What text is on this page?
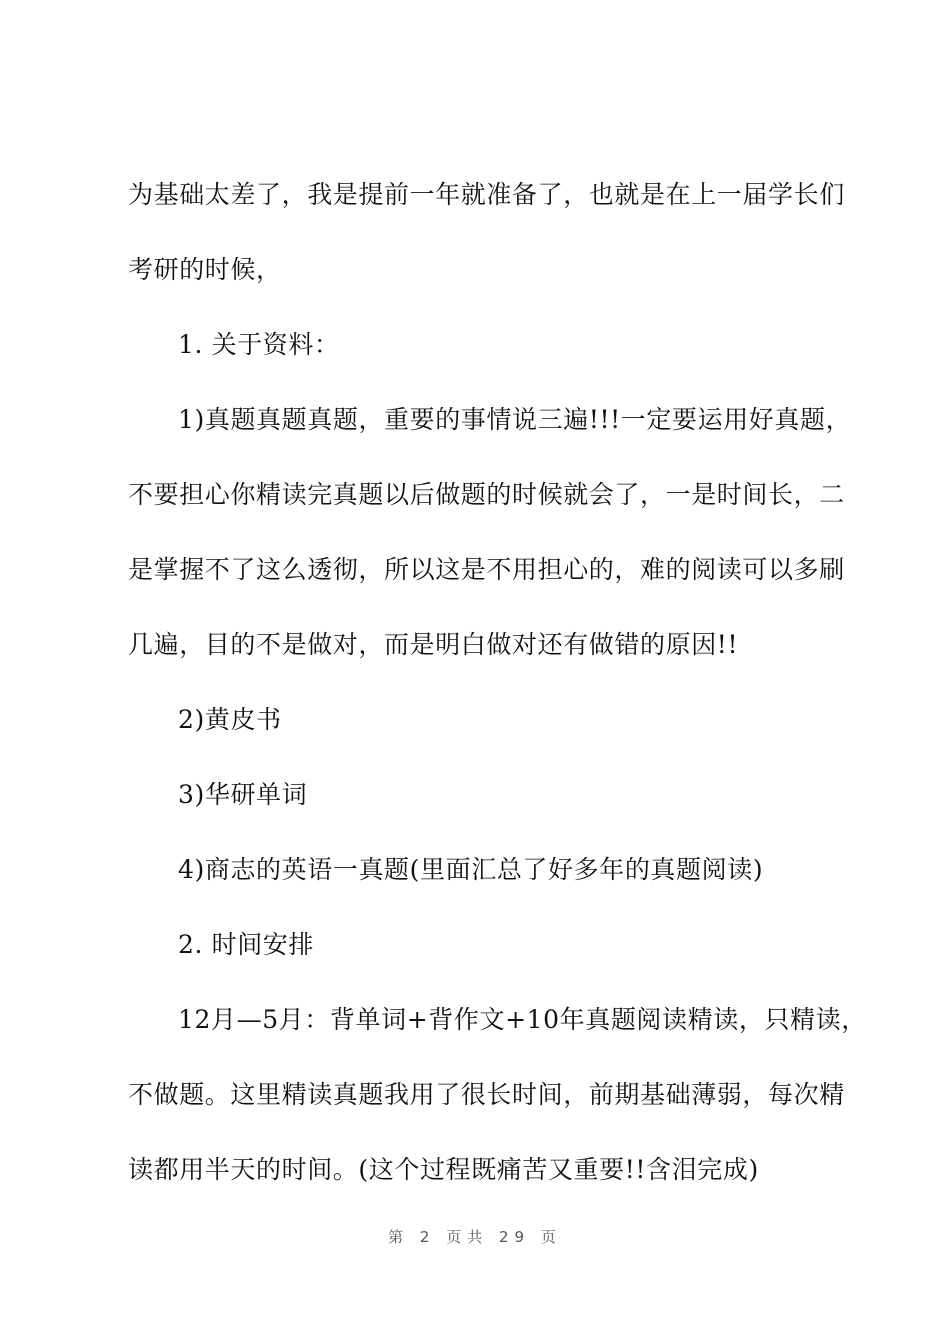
为基础太差了，我是提前一年就准备了，也就是在上一届学长们
考研的时候，
1. 关于资料：
1)真题真题真题，重要的事情说三遍!!!一定要运用好真题，
不要担心你精读完真题以后做题的时候就会了，一是时间长，二
是掌握不了这么透彻，所以这是不用担心的，难的阅读可以多刷
几遍，目的不是做对，而是明白做对还有做错的原因!!
2)黄皮书
3)华研单词
4)商志的英语一真题(里面汇总了好多年的真题阅读)
2. 时间安排
12月—5月：背单词+背作文+10年真题阅读精读，只精读，
不做题。这里精读真题我用了很长时间，前期基础薄弱，每次精
读都用半天的时间。(这个过程既痛苦又重要!!含泪完成)
第 2 页共 29 页
